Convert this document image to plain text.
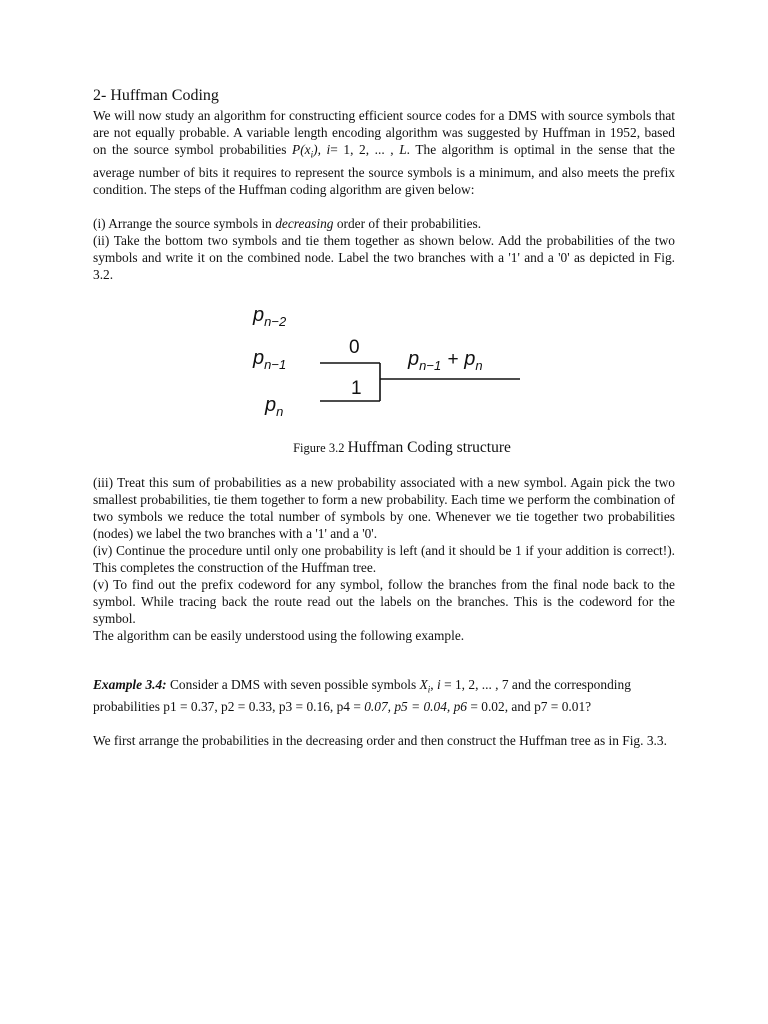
2- Huffman Coding

We will now study an algorithm for constructing efficient source codes for a DMS with source symbols that are not equally probable. A variable length encoding algorithm was suggested by Huffman in 1952, based on the source symbol probabilities $P(x_i)$, i= 1, 2, ... , L. The algorithm is optimal in the sense that the average number of bits it requires to represent the source symbols is a minimum, and also meets the prefix condition. The steps of the Huffman coding algorithm are given below:

(i) Arrange the source symbols in decreasing order of their probabilities.

(ii) Take the bottom two symbols and tie them together as shown below. Add the probabilities of the two symbols and write it on the combined node. Label the two branches with a '1' and a '0' as depicted in Fig. 3.2.

$p_{n-2}$
$p_{n-1}$
$p_n$
0
1
$p_{n-1} + p_n$
Figure 3.2 Huffman Coding structure

(iii) Treat this sum of probabilities as a new probability associated with a new symbol. Again pick the two smallest probabilities, tie them together to form a new probability. Each time we perform the combination of two symbols we reduce the total number of symbols by one. Whenever we tie together two probabilities (nodes) we label the two branches with a '1' and a '0'.

(iv) Continue the procedure until only one probability is left (and it should be 1 if your addition is correct!). This completes the construction of the Huffman tree.

(v) To find out the prefix codeword for any symbol, follow the branches from the final node back to the symbol. While tracing back the route read out the labels on the branches. This is the codeword for the symbol.

The algorithm can be easily understood using the following example.

Example 3.4: Consider a DMS with seven possible symbols $X_i$, i = 1, 2, ... , 7 and the corresponding probabilities p1 = 0.37, p2 = 0.33, p3 = 0.16, p4 = 0.07, p5 = 0.04, p6 = 0.02, and p7 = 0.01?

We first arrange the probabilities in the decreasing order and then construct the Huffman tree as in Fig. 3.3.
